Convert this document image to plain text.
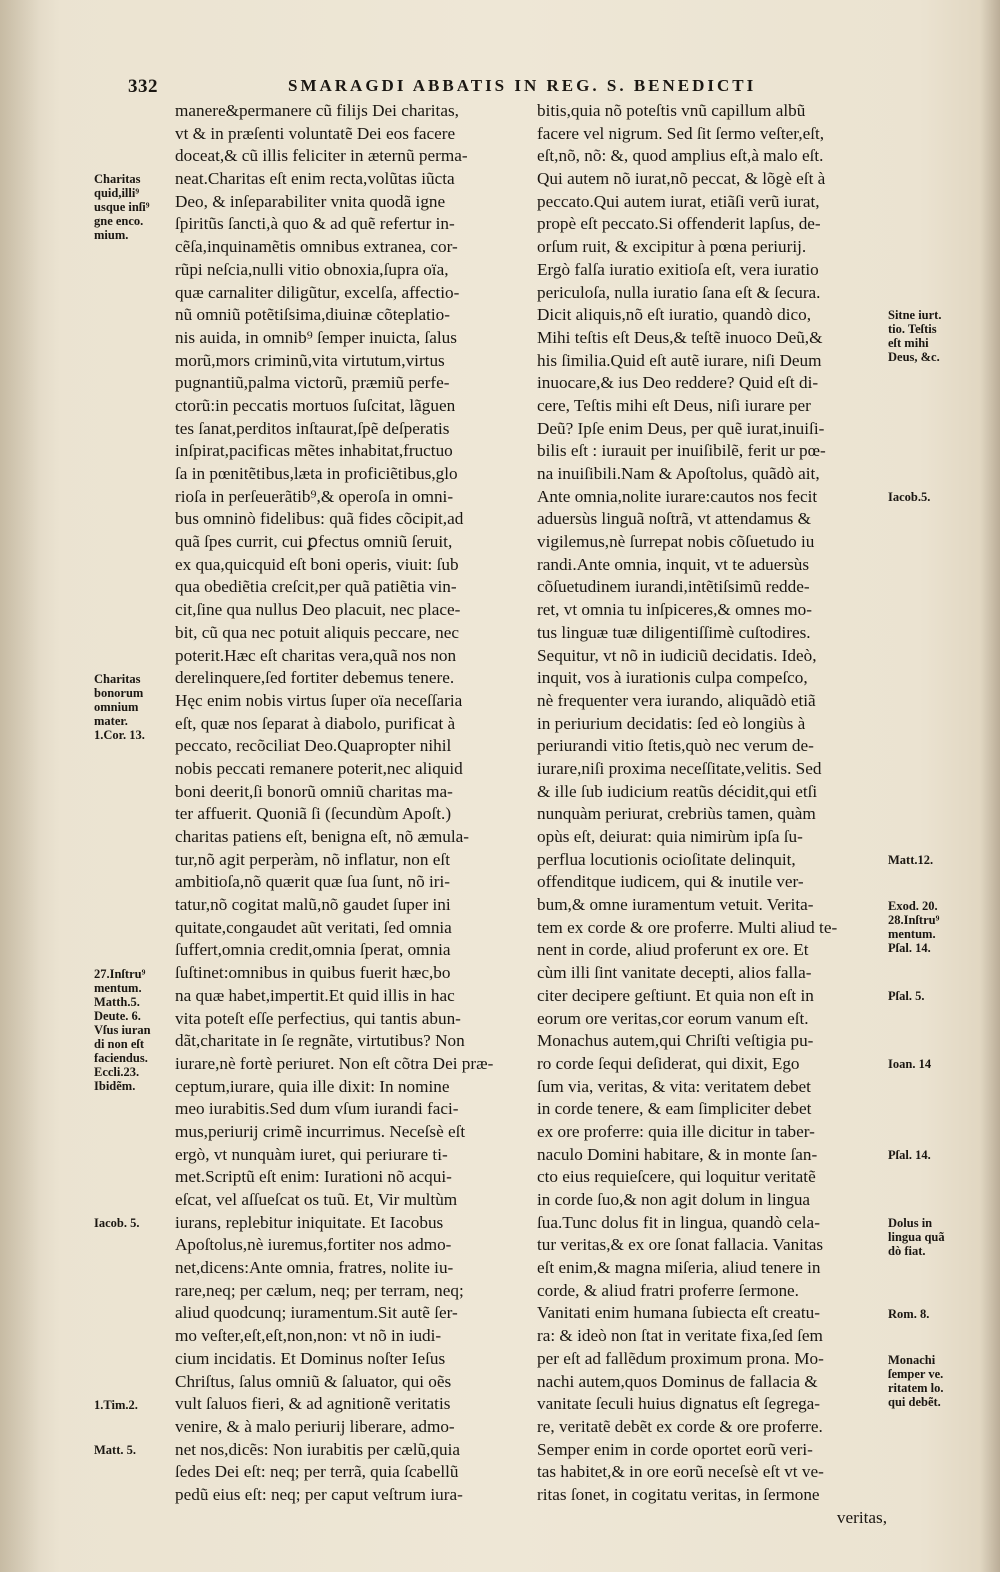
332	SMARAGDI ABBATIS IN REG. S. BENEDICTI
manere&permanere cũ filijs Dei charitas,
vt & in præſenti voluntatẽ Dei eos facere
doceat,& cũ illis feliciter in æternũ perma-
neat.Charitas eſt enim recta,volũtas iũcta
Deo, & inſeparabiliter vnita quodã igne
ſpiritũs ſancti,à quo & ad quẽ refertur in-
cẽſa,inquinamẽtis omnibus extranea, cor-
rũpi neſcia,nulli vitio obnoxia,ſupra oïa,
quæ carnaliter diligũtur, excelſa, affectio-
nũ omniũ potẽtiſsima,diuinæ cõteplatio-
nis auida, in omnib⁹ ſemper inuicta, ſalus
morũ,mors criminũ,vita virtutum,virtus
pugnantiũ,palma victorũ, præmiũ perfe-
ctorũ:in peccatis mortuos ſuſcitat, lãguen
tes ſanat,perditos inſtaurat,ſpẽ deſperatis
inſpirat,pacificas mẽtes inhabitat,fructuo
ſa in pœnitẽtibus,læta in proficiẽtibus,glo
rioſa in perſeuerãtib⁹,& operoſa in omni-
bus omninò fidelibus: quã fides cõcipit,ad
quã ſpes currit, cui ꝑfectus omniũ ſeruit,
ex qua,quicquid eſt boni operis, viuit: ſub
qua obediẽtia creſcit,per quã patiẽtia vin-
cit,ſine qua nullus Deo placuit, nec place-
bit, cũ qua nec potuit aliquis peccare, nec
poterit.Hæc eſt charitas vera,quã nos non
derelinquere,ſed fortiter debemus tenere.
Hęc enim nobis virtus ſuper oïa neceſſaria
eſt, quæ nos ſeparat à diabolo, purificat à
peccato, recõciliat Deo.Quapropter nihil
nobis peccati remanere poterit,nec aliquid
boni deerit,ſi bonorũ omniũ charitas ma-
ter affuerit. Quoniã ſi (ſecundùm Apoſt.)
charitas patiens eſt, benigna eſt, nõ æmula-
tur,nõ agit perperàm, nõ inflatur, non eſt
ambitioſa,nõ quærit quæ ſua ſunt, nõ iri-
tatur,nõ cogitat malũ,nõ gaudet ſuper ini
quitate,congaudet aũt veritati, ſed omnia
ſuffert,omnia credit,omnia ſperat, omnia
ſuſtinet:omnibus in quibus fuerit hæc,bo
na quæ habet,impertit.Et quid illis in hac
vita poteſt eſſe perfectius, qui tantis abun-
dãt,charitate in ſe regnãte, virtutibus? Non
iurare,nè fortè periuret. Non eſt cõtra Dei præ-
ceptum,iurare, quia ille dixit: In nomine
meo iurabitis.Sed dum vſum iurandi faci-
mus,periurij crimẽ incurrimus. Neceſsè eſt
ergò, vt nunquàm iuret, qui periurare ti-
met.Scriptũ eſt enim: Iurationi nõ acqui-
eſcat, vel aſſueſcat os tuũ. Et, Vir multùm
iurans, replebitur iniquitate. Et Iacobus
Apoſtolus,nè iuremus,fortiter nos admo-
net,dicens:Ante omnia, fratres, nolite iu-
rare,neq; per cælum, neq; per terram, neq;
aliud quodcunq; iuramentum.Sit autẽ ſer-
mo veſter,eſt,eſt,non,non: vt nõ in iudi-
cium incidatis. Et Dominus noſter Ieſus
Chriſtus, ſalus omniũ & ſaluator, qui oẽs
vult ſaluos fieri, & ad agnitionẽ veritatis
venire, & à malo periurij liberare, admo-
net nos,dicẽs: Non iurabitis per cælũ,quia
ſedes Dei eſt: neq; per terrã, quia ſcabellũ
pedũ eius eſt: neq; per caput veſtrum iura-
bitis,quia nõ poteſtis vnũ capillum albũ
facere vel nigrum. Sed ſit ſermo veſter,eſt,
eſt,nõ, nõ: &, quod amplius eſt,à malo eſt.
Qui autem nõ iurat,nõ peccat, & lõgè eſt à
peccato.Qui autem iurat, etiãſi verũ iurat,
propè eſt peccato.Si offenderit lapſus, de-
orſum ruit, & excipitur à pœna periurij.
Ergò falſa iuratio exitioſa eſt, vera iuratio
periculoſa, nulla iuratio ſana eſt & ſecura.
Dicit aliquis,nõ eſt iuratio, quandò dico,
Mihi teſtis eſt Deus,& teſtẽ inuoco Deũ,&
his ſimilia.Quid eſt autẽ iurare, niſi Deum
inuocare,& ius Deo reddere? Quid eſt di-
cere, Teſtis mihi eſt Deus, niſi iurare per
Deũ? Ipſe enim Deus, per quẽ iurat,inuiſi-
bilis eſt : iurauit per inuiſibilẽ, ferit ur pœ-
na inuiſibili.Nam & Apoſtolus, quãdò ait,
Ante omnia,nolite iurare:cautos nos fecit
aduersùs linguã noſtrã, vt attendamus &
vigilemus,nè ſurrepat nobis cõſuetudo iu
randi.Ante omnia, inquit, vt te aduersùs
cõſuetudinem iurandi,intẽtiſsimũ redde-
ret, vt omnia tu inſpiceres,& omnes mo-
tus linguæ tuæ diligentiſſimè cuſtodires.
Sequitur, vt nõ in iudiciũ decidatis. Ideò,
inquit, vos à iurationis culpa compeſco,
nè frequenter vera iurando, aliquãdò etiã
in periurium decidatis: ſed eò longiùs à
periurandi vitio ſtetis,quò nec verum de-
iurare,niſi proxima neceſſitate,velitis. Sed
& ille ſub iudicium reatũs décidit,qui etſi
nunquàm periurat, crebriùs tamen, quàm
opùs eſt, deiurat: quia nimirùm ipſa ſu-
perflua locutionis ocioſitate delinquit,
offenditque iudicem, qui & inutile ver-
bum,& omne iuramentum vetuit. Verita-
tem ex corde & ore proferre. Multi aliud te-
nent in corde, aliud proferunt ex ore. Et
cùm illi ſint vanitate decepti, alios falla-
citer decipere geſtiunt. Et quia non eſt in
eorum ore veritas,cor eorum vanum eſt.
Monachus autem,qui Chriſti veſtigia pu-
ro corde ſequi deſiderat, qui dixit, Ego
ſum via, veritas, & vita: veritatem debet
in corde tenere, & eam ſimpliciter debet
ex ore proferre: quia ille dicitur in taber-
naculo Domini habitare, & in monte ſan-
cto eius requieſcere, qui loquitur veritatẽ
in corde ſuo,& non agit dolum in lingua
ſua.Tunc dolus fit in lingua, quandò cela-
tur veritas,& ex ore ſonat fallacia. Vanitas
eſt enim,& magna miſeria, aliud tenere in
corde, & aliud fratri proferre ſermone.
Vanitati enim humana ſubiecta eſt creatu-
ra: & ideò non ſtat in veritate fixa,ſed ſem
per eſt ad fallẽdum proximum prona. Mo-
nachi autem,quos Dominus de fallacia &
vanitate ſeculi huius dignatus eſt ſegrega-
re, veritatẽ debẽt ex corde & ore proferre.
Semper enim in corde oportet eorũ veri-
tas habitet,& in ore eorũ neceſsè eſt vt ve-
ritas ſonet, in cogitatu veritas, in ſermone
veritas,
Charitas
quid,illi⁹
usque inſi⁹
gne enco.
mium.
Charitas
bonorum
omnium
mater.
1.Cor. 13.
27.Inſtru⁹
mentum.
Matth.5.
Deute. 6.
Vſus iuran
di non eſt
faciendus.
Eccli.23.
Ibidẽm.
Iacob. 5.
1.Tim.2.
Matt. 5.
Sitne iurt.
tio. Teſtis
eſt mihi
Deus, &c.
Iacob.5.
Matt.12.
Exod. 20.
28.Inſtru⁹
mentum.
Pſal. 14.
Pſal. 5.
Ioan. 14
Pſal. 14.
Dolus in
lingua quã
dò fiat.
Rom. 8.
Monachi
ſemper ve.
ritatem lo.
qui debẽt.
